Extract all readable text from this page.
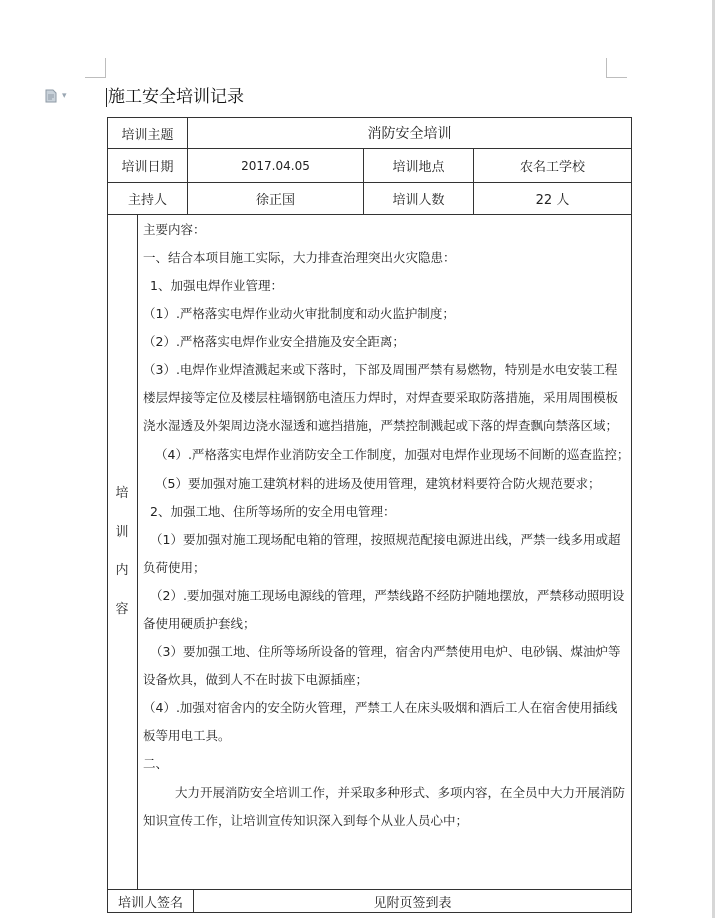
▾ 施工安全培训记录
培训主题	消防安全培训
培训日期	2017.04.05	培训地点	农名工学校
主持人	徐正国	培训人数	22 人
培
训
内
容
主要内容：
一、结合本项目施工实际，大力排查治理突出火灾隐患：
1、加强电焊作业管理：
（1）.严格落实电焊作业动火审批制度和动火监护制度；
（2）.严格落实电焊作业安全措施及安全距离；
（3）.电焊作业焊渣溅起来或下落时，下部及周围严禁有易燃物，特别是水电安装工程
楼层焊接等定位及楼层柱墙钢筋电渣压力焊时，对焊查要采取防落措施，采用周围模板
浇水湿透及外架周边浇水湿透和遮挡措施，严禁控制溅起或下落的焊查飘向禁落区域；
（4）.严格落实电焊作业消防安全工作制度，加强对电焊作业现场不间断的巡查监控；
（5）要加强对施工建筑材料的进场及使用管理，建筑材料要符合防火规范要求；
2、加强工地、住所等场所的安全用电管理：
（1）要加强对施工现场配电箱的管理，按照规范配接电源进出线，严禁一线多用或超
负荷使用；
（2）.要加强对施工现场电源线的管理，严禁线路不经防护随地摆放，严禁移动照明设
备使用硬质护套线；
（3）要加强工地、住所等场所设备的管理，宿舍内严禁使用电炉、电砂锅、煤油炉等
设备炊具，做到人不在时拔下电源插座；
（4）.加强对宿舍内的安全防火管理，严禁工人在床头吸烟和酒后工人在宿舍使用插线
板等用电工具。
二、
大力开展消防安全培训工作，并采取多种形式、多项内容，在全员中大力开展消防
知识宣传工作，让培训宣传知识深入到每个从业人员心中；
培训人签名	见附页签到表
